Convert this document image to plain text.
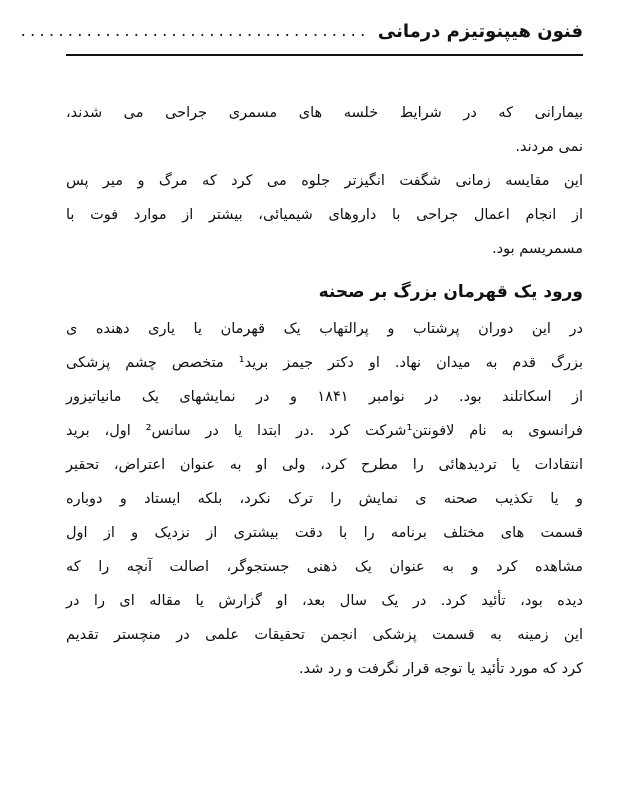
فنون هیپنوتیزم درمانی
.....................................
بیمارانی که در شرایط خلسه های مسمری جراحی می شدند،
نمی مردند.
این مقایسه زمانی شگفت انگیزتر جلوه می کرد که مرگ و میر پس
از انجام اعمال جراحی با داروهای شیمیائی، بیشتر از موارد فوت با
مسمریسم بود.
ورود یک قهرمان بزرگ بر صحنه
در این دوران پرشتاب و پرالتهاب یک قهرمان یا یاری دهنده ی
بزرگ قدم به میدان نهاد. او دکتر جیمز برید¹ متخصص چشم پزشکی
از اسکاتلند بود. در نوامبر ۱۸۴۱ و در نمایشهای یک مانیاتیزور
فرانسوی به نام لافونتن¹شرکت کرد .در ابتدا یا در سانس² اول، برید
انتقادات یا تردیدهائی را مطرح کرد، ولی او به عنوان اعتراض، تحقیر
و یا تکذیب صحنه ی نمایش را ترک نکرد، بلکه ایستاد و دوباره
قسمت های مختلف برنامه را با دقت بیشتری از نزدیک و از اول
مشاهده کرد و به عنوان یک ذهنی جستجوگر، اصالت آنچه را که
دیده بود، تأئید کرد. در یک سال بعد، او گزارش یا مقاله ای را در
این زمینه به قسمت پزشکی انجمن تحقیقات علمی در منچستر تقدیم
کرد که مورد تأئید یا توجه قرار نگرفت و رد شد.
